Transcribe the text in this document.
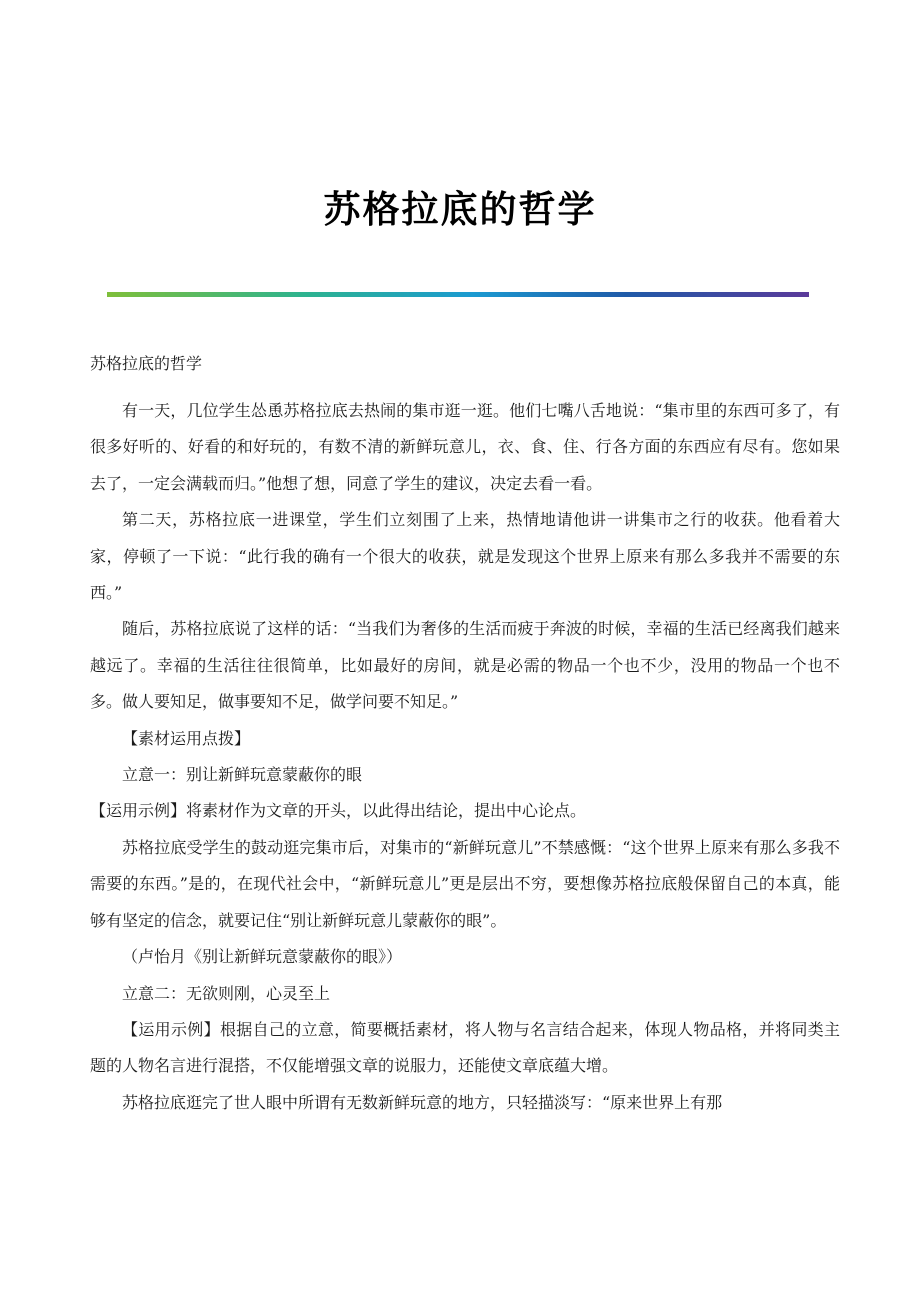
苏格拉底的哲学
苏格拉底的哲学

有一天，几位学生怂恿苏格拉底去热闹的集市逛一逛。他们七嘴八舌地说：“集市里的东西可多了，有很多好听的、好看的和好玩的，有数不清的新鲜玩意儿，衣、食、住、行各方面的东西应有尽有。您如果去了，一定会满载而归。”他想了想，同意了学生的建议，决定去看一看。

第二天，苏格拉底一进课堂，学生们立刻围了上来，热情地请他讲一讲集市之行的收获。他看着大家，停顿了一下说：“此行我的确有一个很大的收获，就是发现这个世界上原来有那么多我并不需要的东西。”

随后，苏格拉底说了这样的话：“当我们为奢侈的生活而疲于奔波的时候，幸福的生活已经离我们越来越远了。幸福的生活往往很简单，比如最好的房间，就是必需的物品一个也不少，没用的物品一个也不多。做人要知足，做事要知不足，做学问要不知足。”

【素材运用点拨】

立意一：别让新鲜玩意蒙蔽你的眼

【运用示例】将素材作为文章的开头，以此得出结论，提出中心论点。

苏格拉底受学生的鼓动逛完集市后，对集市的“新鲜玩意儿”不禁感慨：“这个世界上原来有那么多我不需要的东西。”是的，在现代社会中，“新鲜玩意儿”更是层出不穷，要想像苏格拉底般保留自己的本真，能够有坚定的信念，就要记住“别让新鲜玩意儿蒙蔽你的眼”。

（卢怡月《别让新鲜玩意蒙蔽你的眼》）

立意二：无欲则刚，心灵至上

【运用示例】根据自己的立意，简要概括素材，将人物与名言结合起来，体现人物品格，并将同类主题的人物名言进行混搭，不仅能增强文章的说服力，还能使文章底蕴大增。

苏格拉底逛完了世人眼中所谓有无数新鲜玩意的地方，只轻描淡写：“原来世界上有那
